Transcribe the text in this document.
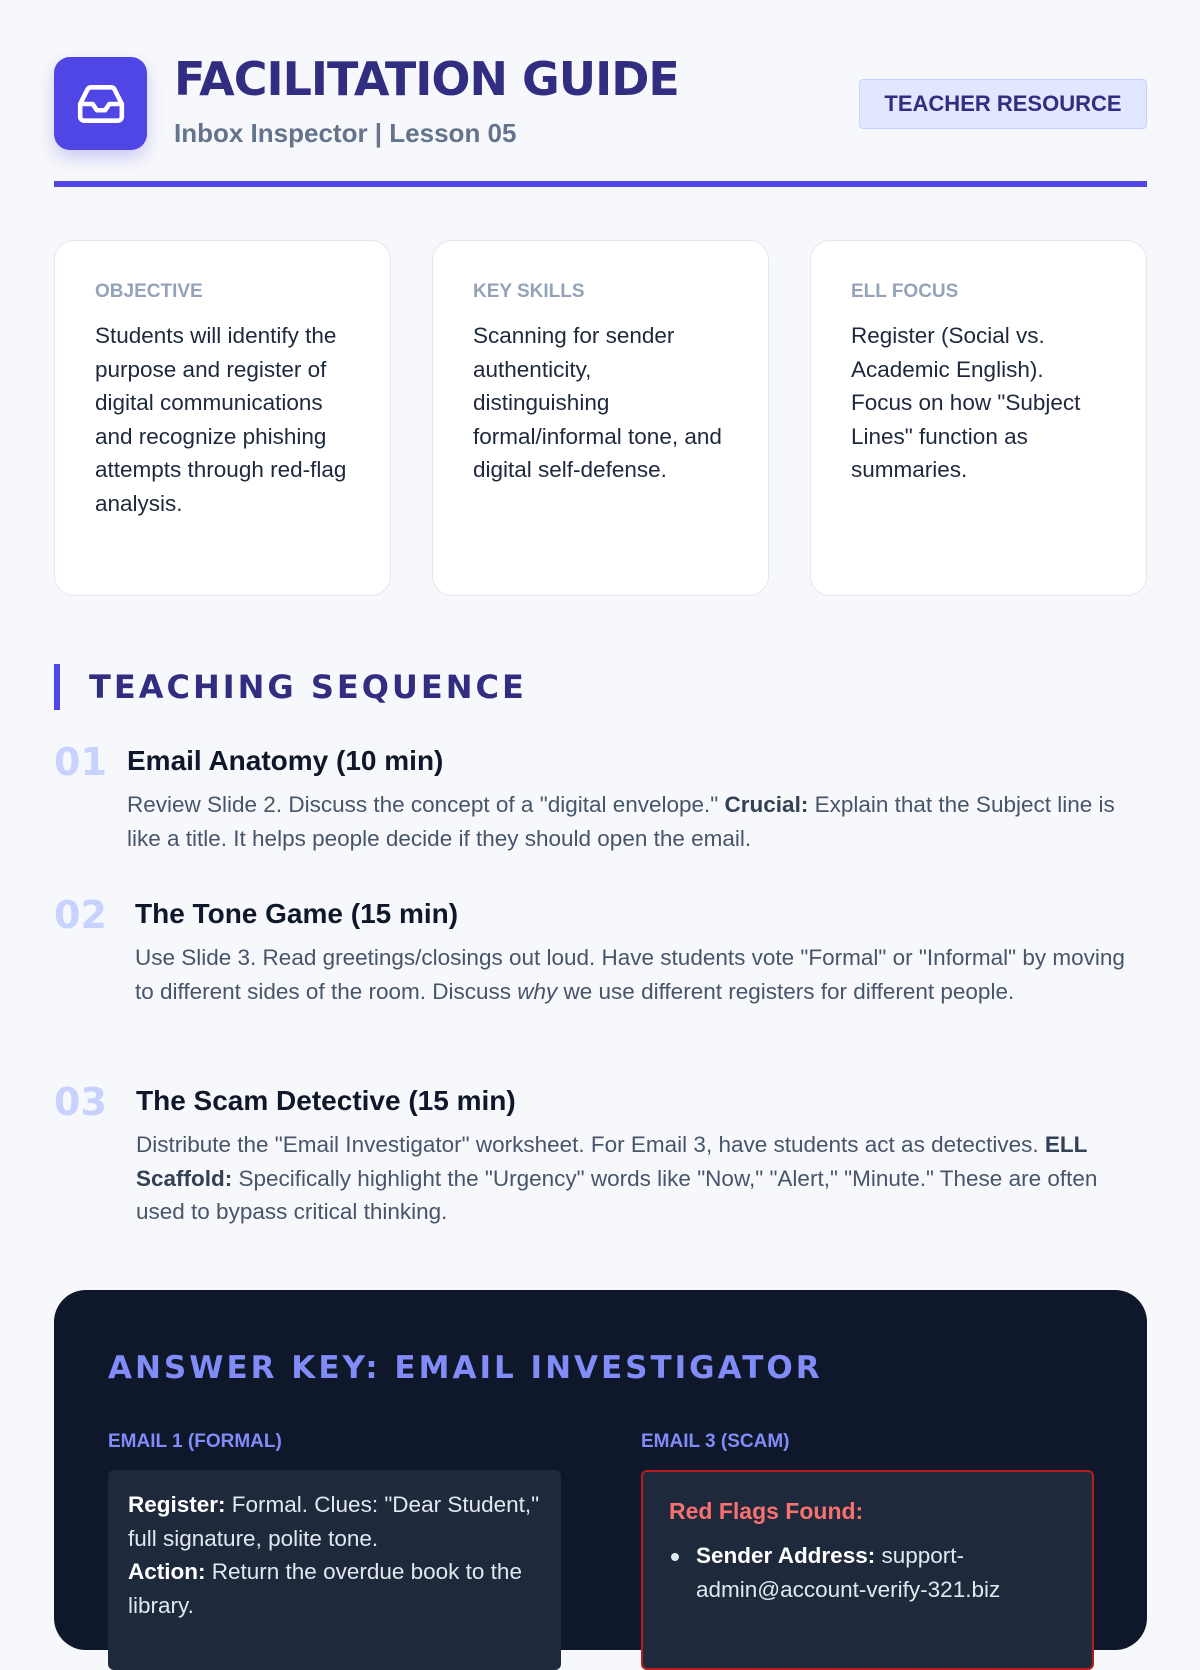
FACILITATION GUIDE
Inbox Inspector | Lesson 05
TEACHER RESOURCE
OBJECTIVE
Students will identify the purpose and register of digital communications and recognize phishing attempts through red-flag analysis.
KEY SKILLS
Scanning for sender authenticity, distinguishing formal/informal tone, and digital self-defense.
ELL FOCUS
Register (Social vs. Academic English). Focus on how "Subject Lines" function as summaries.
TEACHING SEQUENCE
01 Email Anatomy (10 min)
Review Slide 2. Discuss the concept of a "digital envelope." Crucial: Explain that the Subject line is like a title. It helps people decide if they should open the email.
02 The Tone Game (15 min)
Use Slide 3. Read greetings/closings out loud. Have students vote "Formal" or "Informal" by moving to different sides of the room. Discuss why we use different registers for different people.
03 The Scam Detective (15 min)
Distribute the "Email Investigator" worksheet. For Email 3, have students act as detectives. ELL Scaffold: Specifically highlight the "Urgency" words like "Now," "Alert," "Minute." These are often used to bypass critical thinking.
ANSWER KEY: EMAIL INVESTIGATOR
EMAIL 1 (FORMAL)
Register: Formal. Clues: "Dear Student," full signature, polite tone.
Action: Return the overdue book to the library.
EMAIL 3 (SCAM)
Red Flags Found:
Sender Address: support-admin@account-verify-321.biz
